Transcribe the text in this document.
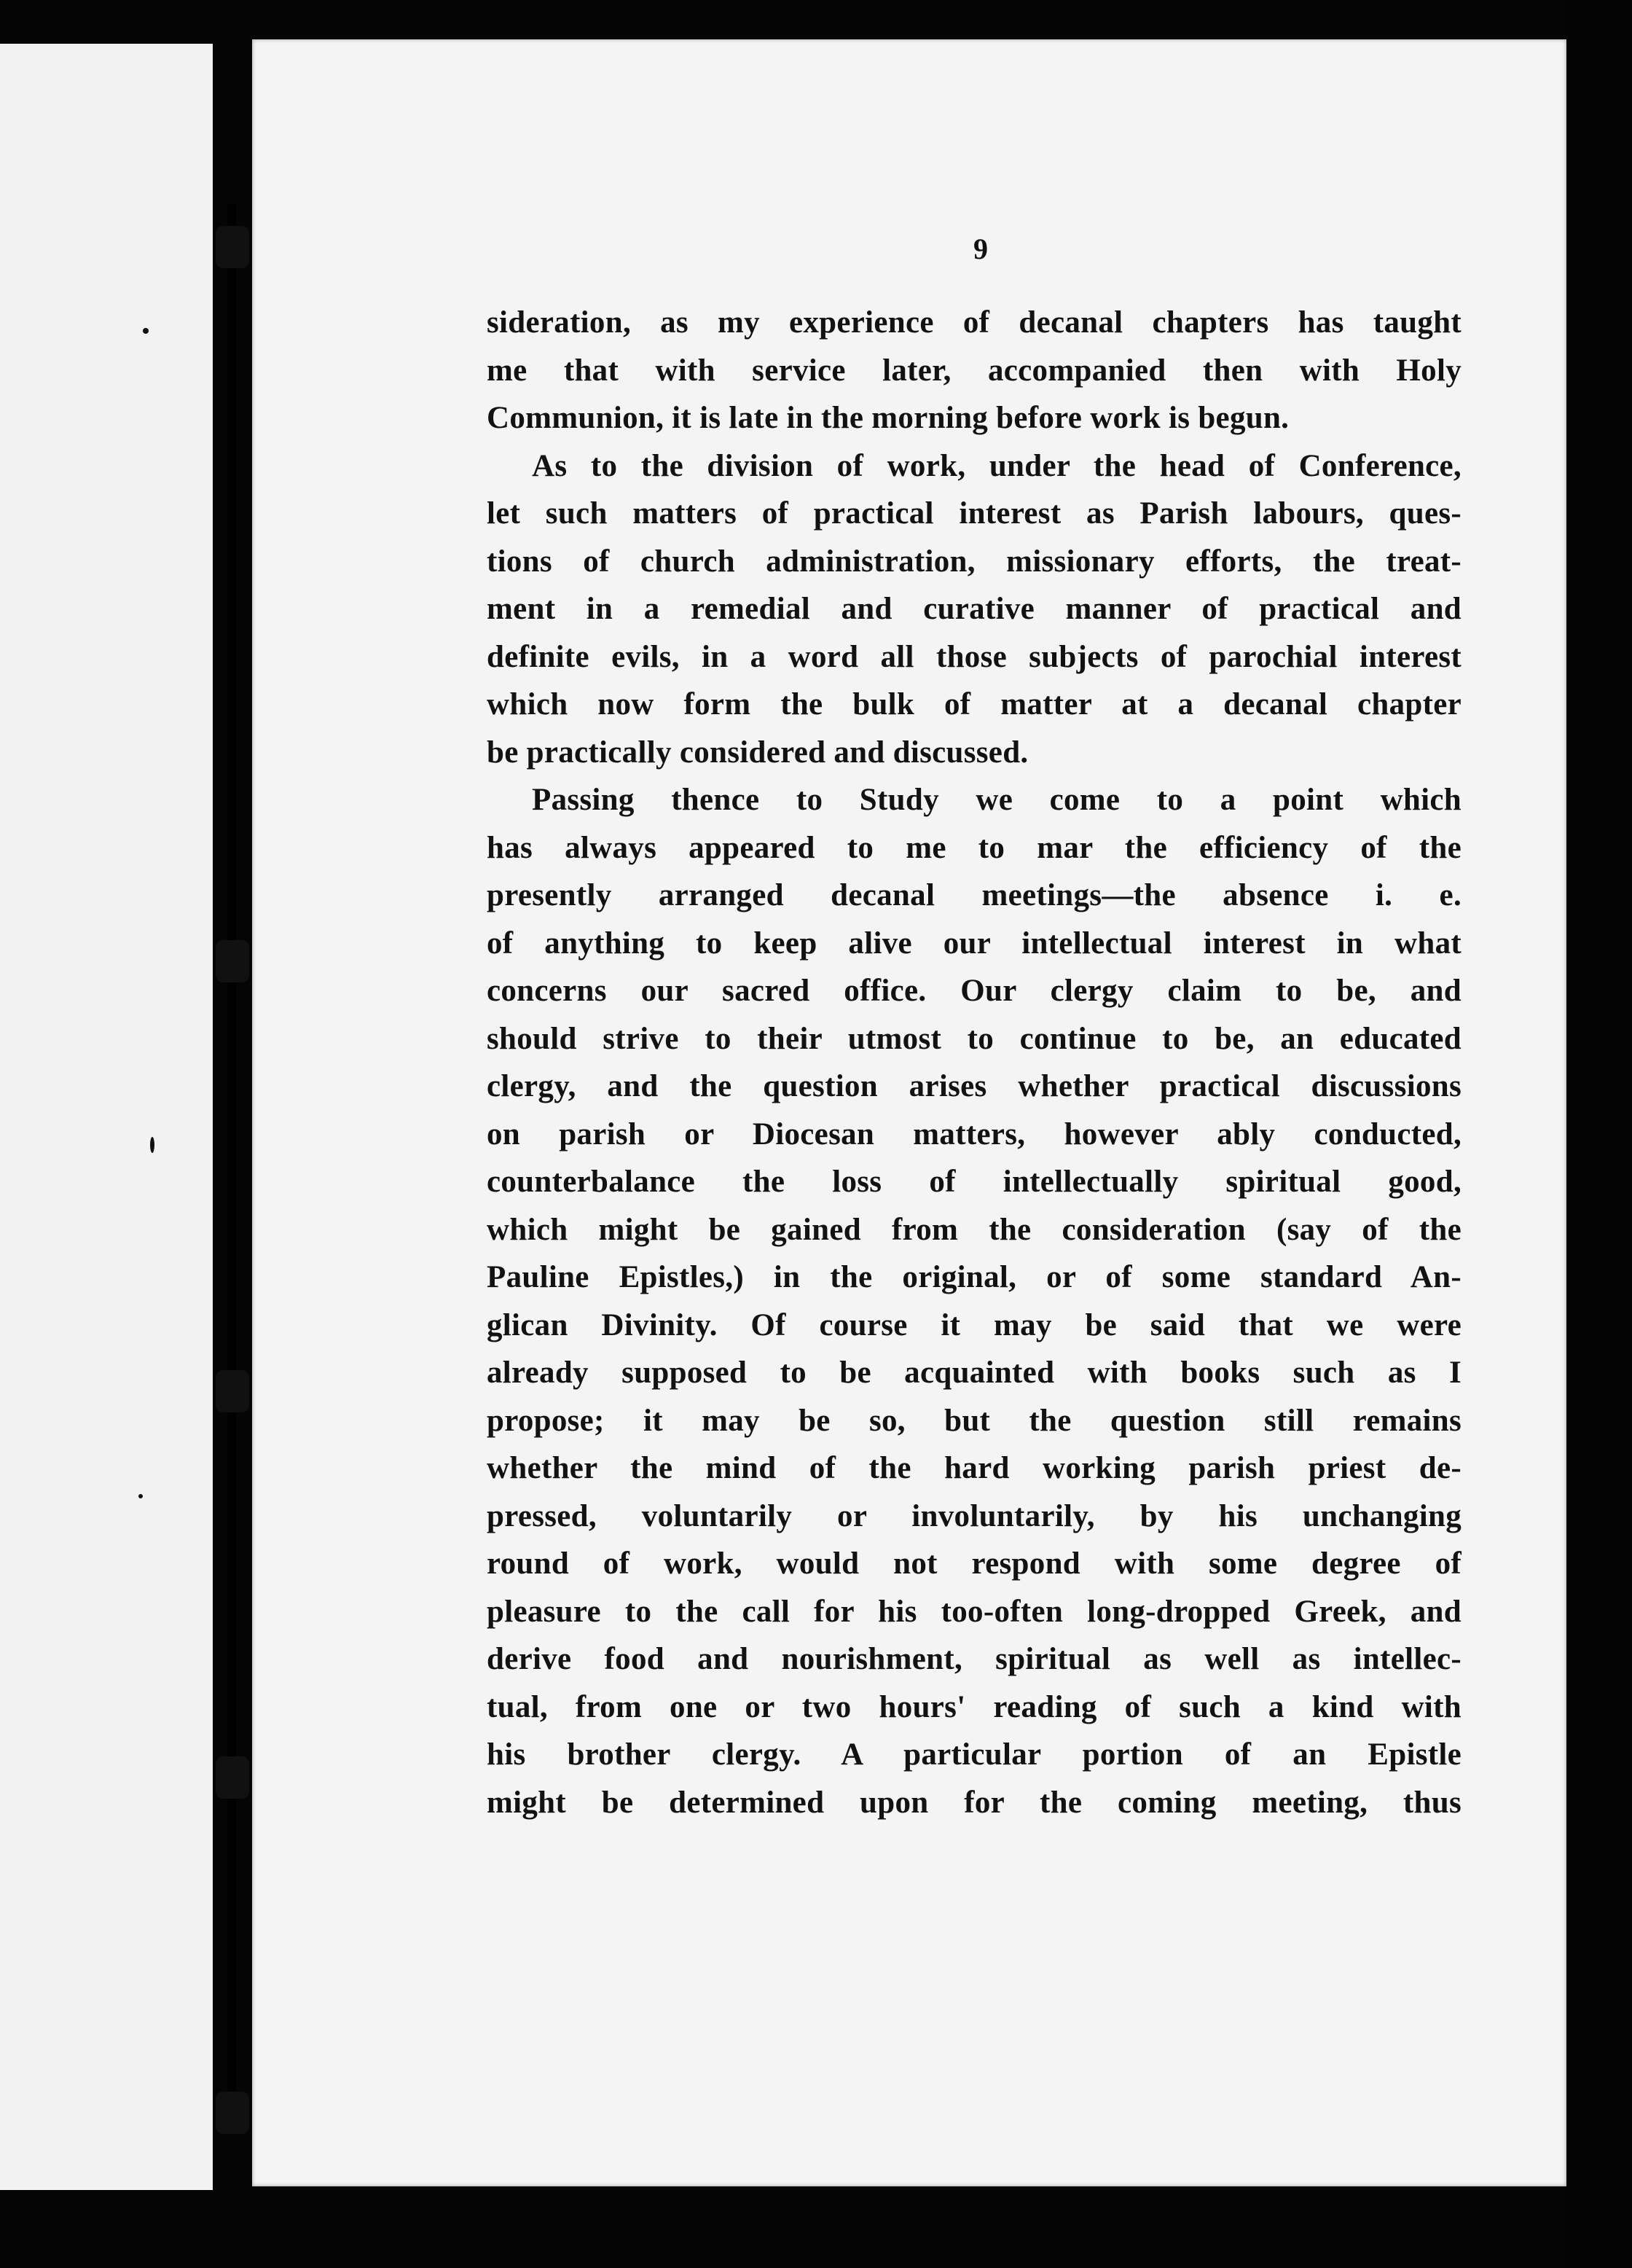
9
sideration, as my experience of decanal chapters has taught
me that with service later, accompanied then with Holy
Communion, it is late in the morning before work is begun.
As to the division of work, under the head of Conference,
let such matters of practical interest as Parish labours, ques-
tions of church administration, missionary efforts, the treat-
ment in a remedial and curative manner of practical and
definite evils, in a word all those subjects of parochial interest
which now form the bulk of matter at a decanal chapter
be practically considered and discussed.
Passing thence to Study we come to a point which
has always appeared to me to mar the efficiency of the
presently arranged decanal meetings—the absence i. e.
of anything to keep alive our intellectual interest in what
concerns our sacred office. Our clergy claim to be, and
should strive to their utmost to continue to be, an educated
clergy, and the question arises whether practical discussions
on parish or Diocesan matters, however ably conducted,
counterbalance the loss of intellectually spiritual good,
which might be gained from the consideration (say of the
Pauline Epistles,) in the original, or of some standard An-
glican Divinity. Of course it may be said that we were
already supposed to be acquainted with books such as I
propose; it may be so, but the question still remains
whether the mind of the hard working parish priest de-
pressed, voluntarily or involuntarily, by his unchanging
round of work, would not respond with some degree of
pleasure to the call for his too-often long-dropped Greek, and
derive food and nourishment, spiritual as well as intellec-
tual, from one or two hours' reading of such a kind with
his brother clergy. A particular portion of an Epistle
might be determined upon for the coming meeting, thus
